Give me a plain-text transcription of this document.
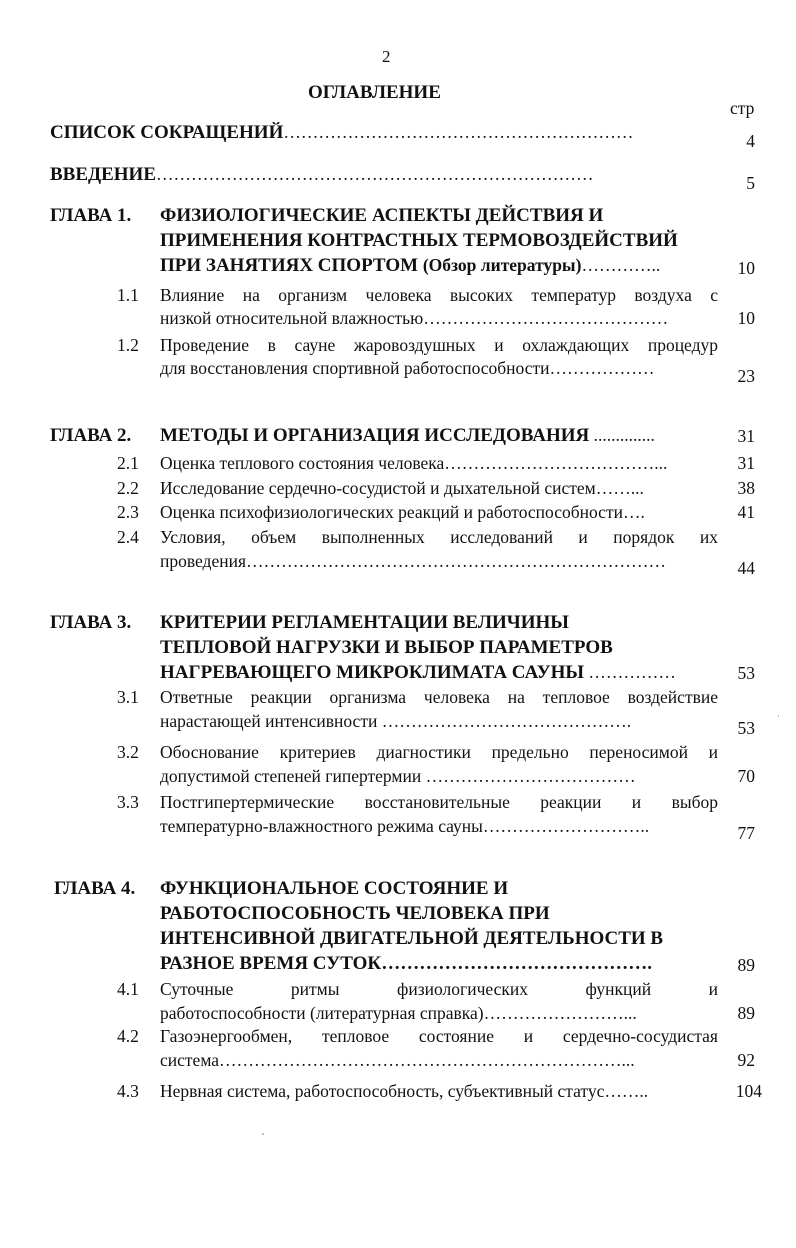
2
ОГЛАВЛЕНИЕ
стр
СПИСОК СОКРАЩЕНИЙ……………………………………………………	4
ВВЕДЕНИЕ…………………………………………………………………	5
ГЛАВА 1. ФИЗИОЛОГИЧЕСКИЕ АСПЕКТЫ ДЕЙСТВИЯ И
ПРИМЕНЕНИЯ КОНТРАСТНЫХ ТЕРМОВОЗДЕЙСТВИЙ
ПРИ ЗАНЯТИЯХ СПОРТОМ (Обзор литературы)…………..	10
1.1 Влияние на организм человека высоких температур воздуха с
низкой относительной влажностью……………………………………	10
1.2 Проведение в сауне жаровоздушных и охлаждающих процедур
для восстановления спортивной работоспособности………………	23
ГЛАВА 2. МЕТОДЫ И ОРГАНИЗАЦИЯ ИССЛЕДОВАНИЯ ..............	31
2.1 Оценка теплового состояния человека………………………………...	31
2.2 Исследование сердечно-сосудистой и дыхательной систем……...	38
2.3 Оценка психофизиологических реакций и работоспособности….	41
2.4 Условия, объем выполненных исследований и порядок их
проведения………………………………………………………………	44
ГЛАВА 3. КРИТЕРИИ РЕГЛАМЕНТАЦИИ ВЕЛИЧИНЫ
ТЕПЛОВОЙ НАГРУЗКИ И ВЫБОР ПАРАМЕТРОВ
НАГРЕВАЮЩЕГО МИКРОКЛИМАТА САУНЫ ……………	53
3.1 Ответные реакции организма человека на тепловое воздействие
нарастающей интенсивности …………………………………….	53
3.2 Обоснование критериев диагностики предельно переносимой и
допустимой степеней гипертермии ………………………………	70
3.3 Постгипертермические восстановительные реакции и выбор
температурно-влажностного режима сауны………………………..	77
ГЛАВА 4. ФУНКЦИОНАЛЬНОЕ СОСТОЯНИЕ И
РАБОТОСПОСОБНОСТЬ ЧЕЛОВЕКА ПРИ
ИНТЕНСИВНОЙ ДВИГАТЕЛЬНОЙ ДЕЯТЕЛЬНОСТИ В
РАЗНОЕ ВРЕМЯ СУТОК…………………………………….	89
4.1 Суточные ритмы физиологических функций и
работоспособности (литературная справка)……………………...	89
4.2 Газоэнергообмен, тепловое состояние и сердечно-сосудистая
система……………………………………………………………...	92
4.3 Нервная система, работоспособность, субъективный статус……..	104
